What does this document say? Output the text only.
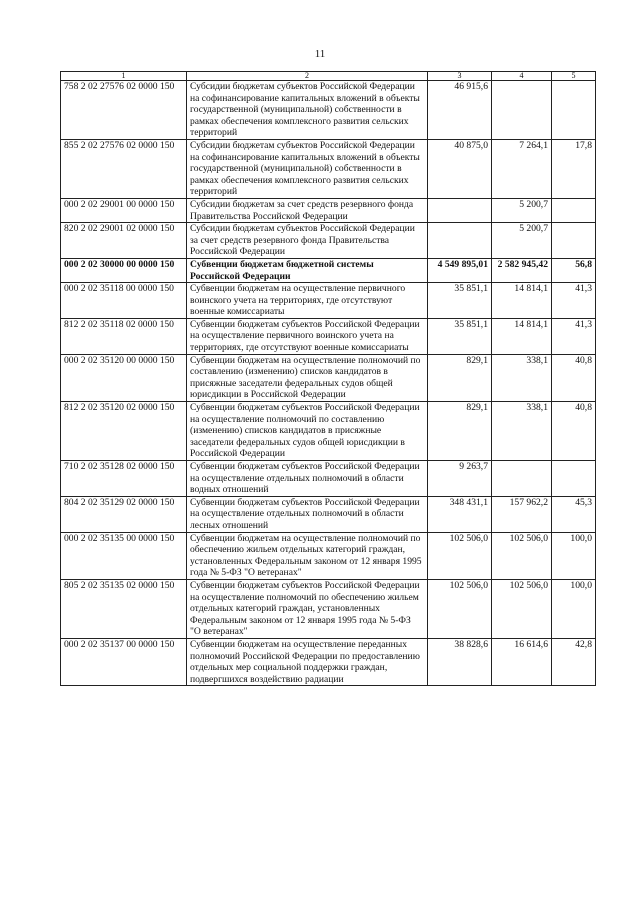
11
1	2	3	4	5
758 2 02 27576 02 0000 150	Субсидии бюджетам субъектов Российской Федерации на софинансирование капитальных вложений в объекты государственной (муниципальной) собственности в рамках обеспечения комплексного развития сельских территорий	46 915,6		
855 2 02 27576 02 0000 150	Субсидии бюджетам субъектов Российской Федерации на софинансирование капитальных вложений в объекты государственной (муниципальной) собственности в рамках обеспечения комплексного развития сельских территорий	40 875,0	7 264,1	17,8
000 2 02 29001 00 0000 150	Субсидии бюджетам за счет средств резервного фонда Правительства Российской Федерации		5 200,7	
820 2 02 29001 02 0000 150	Субсидии бюджетам субъектов Российской Федерации за счет средств резервного фонда Правительства Российской Федерации		5 200,7	
000 2 02 30000 00 0000 150	Субвенции бюджетам бюджетной системы Российской Федерации	4 549 895,01	2 582 945,42	56,8
000 2 02 35118 00 0000 150	Субвенции бюджетам на осуществление первичного воинского учета на территориях, где отсутствуют военные комиссариаты	35 851,1	14 814,1	41,3
812 2 02 35118 02 0000 150	Субвенции бюджетам субъектов Российской Федерации на осуществление первичного воинского учета на территориях, где отсутствуют военные комиссариаты	35 851,1	14 814,1	41,3
000 2 02 35120 00 0000 150	Субвенции бюджетам на осуществление полномочий по составлению (изменению) списков кандидатов в присяжные заседатели федеральных судов общей юрисдикции в Российской Федерации	829,1	338,1	40,8
812 2 02 35120 02 0000 150	Субвенции бюджетам субъектов Российской Федерации на осуществление полномочий по составлению (изменению) списков кандидатов в присяжные заседатели федеральных судов общей юрисдикции в Российской Федерации	829,1	338,1	40,8
710 2 02 35128 02 0000 150	Субвенции бюджетам субъектов Российской Федерации на осуществление отдельных полномочий в области водных отношений	9 263,7		
804 2 02 35129 02 0000 150	Субвенции бюджетам субъектов Российской Федерации на осуществление отдельных полномочий в области лесных отношений	348 431,1	157 962,2	45,3
000 2 02 35135 00 0000 150	Субвенции бюджетам на осуществление полномочий по обеспечению жильем отдельных категорий граждан, установленных Федеральным законом от 12 января 1995 года № 5-ФЗ "О ветеранах"	102 506,0	102 506,0	100,0
805 2 02 35135 02 0000 150	Субвенции бюджетам субъектов Российской Федерации на осуществление полномочий по обеспечению жильем отдельных категорий граждан, установленных Федеральным законом от 12 января 1995 года № 5-ФЗ "О ветеранах"	102 506,0	102 506,0	100,0
000 2 02 35137 00 0000 150	Субвенции бюджетам на осуществление переданных полномочий Российской Федерации по предоставлению отдельных мер социальной поддержки граждан, подвергшихся воздействию радиации	38 828,6	16 614,6	42,8
